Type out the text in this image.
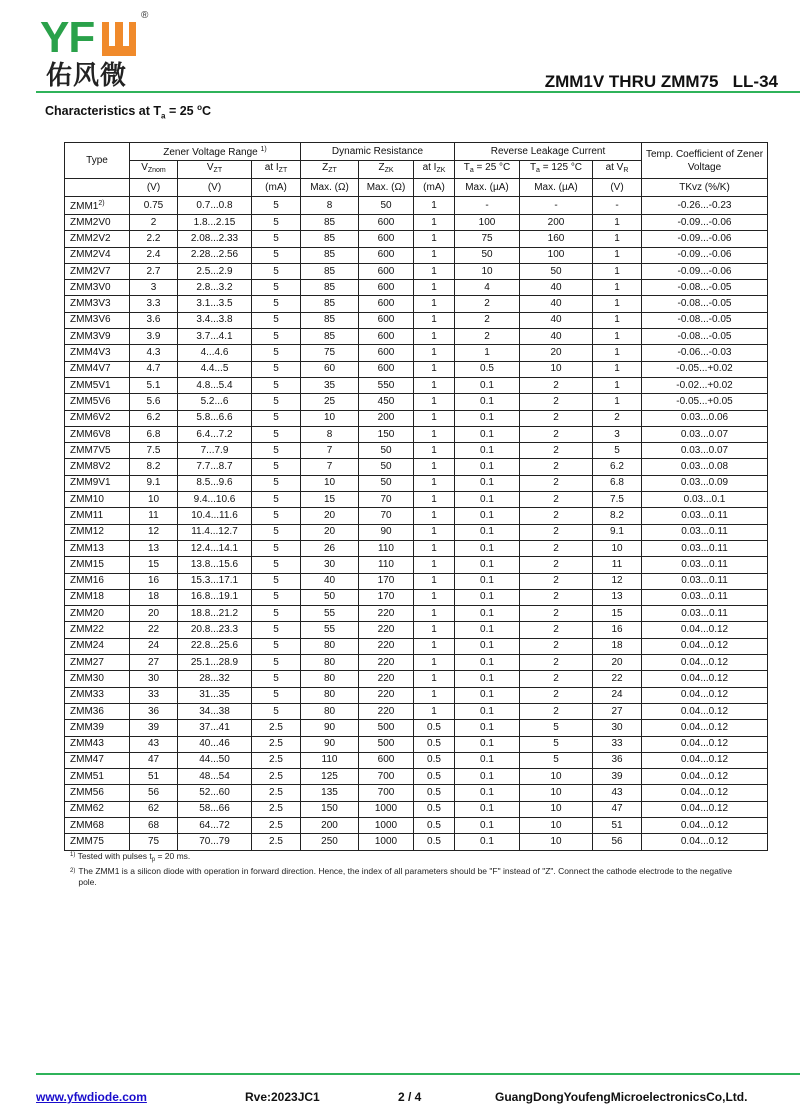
YF	®
佑风微	ZMM1V THRU ZMM75   LL-34
Characteristics at $T_a = 25$ $^o$C
Type	Zener Voltage Range $^{1)}$			Dynamic Resistance			Reverse Leakage Current			Temp. Coefficient of Zener Voltage
	$V_{Znom}$	$V_{ZT}$	at $I_{ZT}$	$Z_{ZT}$	$Z_{ZK}$	at $I_{ZK}$	$T_a = 25$ °C	$T_a = 125$ °C	at $V_R$
	(V)	(V)	(mA)	Max. (Ω)	Max. (Ω)	(mA)	Max. (µA)	Max. (µA)	(V)	TKvz (%/K)
ZMM1$^{2)}$	0.75	0.7...0.8	5	8	50	1	-	-	-	-0.26...-0.23
ZMM2V0	2	1.8...2.15	5	85	600	1	100	200	1	-0.09...-0.06
ZMM2V2	2.2	2.08...2.33	5	85	600	1	75	160	1	-0.09...-0.06
ZMM2V4	2.4	2.28...2.56	5	85	600	1	50	100	1	-0.09...-0.06
ZMM2V7	2.7	2.5...2.9	5	85	600	1	10	50	1	-0.09...-0.06
ZMM3V0	3	2.8...3.2	5	85	600	1	4	40	1	-0.08...-0.05
ZMM3V3	3.3	3.1...3.5	5	85	600	1	2	40	1	-0.08...-0.05
ZMM3V6	3.6	3.4...3.8	5	85	600	1	2	40	1	-0.08...-0.05
ZMM3V9	3.9	3.7...4.1	5	85	600	1	2	40	1	-0.08...-0.05
ZMM4V3	4.3	4...4.6	5	75	600	1	1	20	1	-0.06...-0.03
ZMM4V7	4.7	4.4...5	5	60	600	1	0.5	10	1	-0.05...+0.02
ZMM5V1	5.1	4.8...5.4	5	35	550	1	0.1	2	1	-0.02...+0.02
ZMM5V6	5.6	5.2...6	5	25	450	1	0.1	2	1	-0.05...+0.05
ZMM6V2	6.2	5.8...6.6	5	10	200	1	0.1	2	2	0.03...0.06
ZMM6V8	6.8	6.4...7.2	5	8	150	1	0.1	2	3	0.03...0.07
ZMM7V5	7.5	7...7.9	5	7	50	1	0.1	2	5	0.03...0.07
ZMM8V2	8.2	7.7...8.7	5	7	50	1	0.1	2	6.2	0.03...0.08
ZMM9V1	9.1	8.5...9.6	5	10	50	1	0.1	2	6.8	0.03...0.09
ZMM10	10	9.4...10.6	5	15	70	1	0.1	2	7.5	0.03...0.1
ZMM11	11	10.4...11.6	5	20	70	1	0.1	2	8.2	0.03...0.11
ZMM12	12	11.4...12.7	5	20	90	1	0.1	2	9.1	0.03...0.11
ZMM13	13	12.4...14.1	5	26	110	1	0.1	2	10	0.03...0.11
ZMM15	15	13.8...15.6	5	30	110	1	0.1	2	11	0.03...0.11
ZMM16	16	15.3...17.1	5	40	170	1	0.1	2	12	0.03...0.11
ZMM18	18	16.8...19.1	5	50	170	1	0.1	2	13	0.03...0.11
ZMM20	20	18.8...21.2	5	55	220	1	0.1	2	15	0.03...0.11
ZMM22	22	20.8...23.3	5	55	220	1	0.1	2	16	0.04...0.12
ZMM24	24	22.8...25.6	5	80	220	1	0.1	2	18	0.04...0.12
ZMM27	27	25.1...28.9	5	80	220	1	0.1	2	20	0.04...0.12
ZMM30	30	28...32	5	80	220	1	0.1	2	22	0.04...0.12
ZMM33	33	31...35	5	80	220	1	0.1	2	24	0.04...0.12
ZMM36	36	34...38	5	80	220	1	0.1	2	27	0.04...0.12
ZMM39	39	37...41	2.5	90	500	0.5	0.1	5	30	0.04...0.12
ZMM43	43	40...46	2.5	90	500	0.5	0.1	5	33	0.04...0.12
ZMM47	47	44...50	2.5	110	600	0.5	0.1	5	36	0.04...0.12
ZMM51	51	48...54	2.5	125	700	0.5	0.1	10	39	0.04...0.12
ZMM56	56	52...60	2.5	135	700	0.5	0.1	10	43	0.04...0.12
ZMM62	62	58...66	2.5	150	1000	0.5	0.1	10	47	0.04...0.12
ZMM68	68	64...72	2.5	200	1000	0.5	0.1	10	51	0.04...0.12
ZMM75	75	70...79	2.5	250	1000	0.5	0.1	10	56	0.04...0.12
$^{1)}$ Tested with pulses $t_p = 20$ ms.
2) The ZMM1 is a silicon diode with operation in forward direction. Hence, the index of all parameters should be "F" instead of "Z". Connect the cathode electrode to the negative pole.
www.yfwdiode.com	Rve:2023JC1	2 / 4	GuangDongYoufengMicroelectronicsCo,Ltd.
